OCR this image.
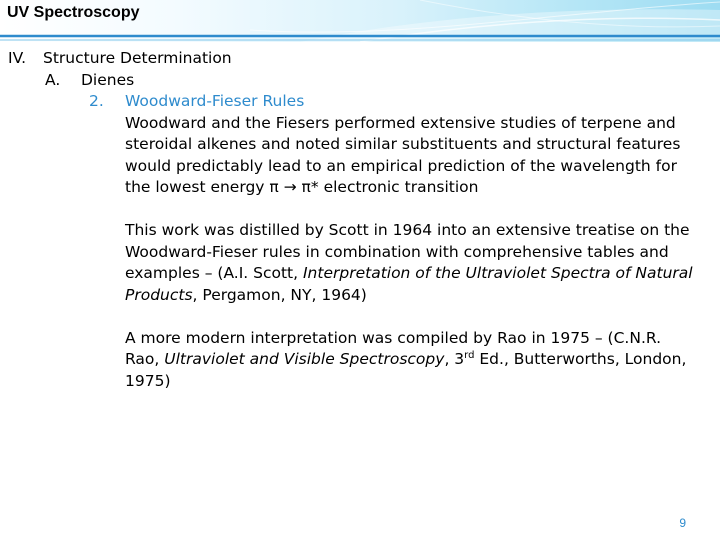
UV Spectroscopy
IV. Structure Determination
A. Dienes
2. Woodward-Fieser Rules
Woodward and the Fiesers performed extensive studies of terpene and
steroidal alkenes and noted similar substituents and structural features
would predictably lead to an empirical prediction of the wavelength for
the lowest energy π → π* electronic transition
This work was distilled by Scott in 1964 into an extensive treatise on the
Woodward-Fieser rules in combination with comprehensive tables and
examples – (A.I. Scott, Interpretation of the Ultraviolet Spectra of Natural
Products, Pergamon, NY, 1964)
A more modern interpretation was compiled by Rao in 1975 – (C.N.R.
Rao, Ultraviolet and Visible Spectroscopy, 3rd Ed., Butterworths, London,
1975)
9
